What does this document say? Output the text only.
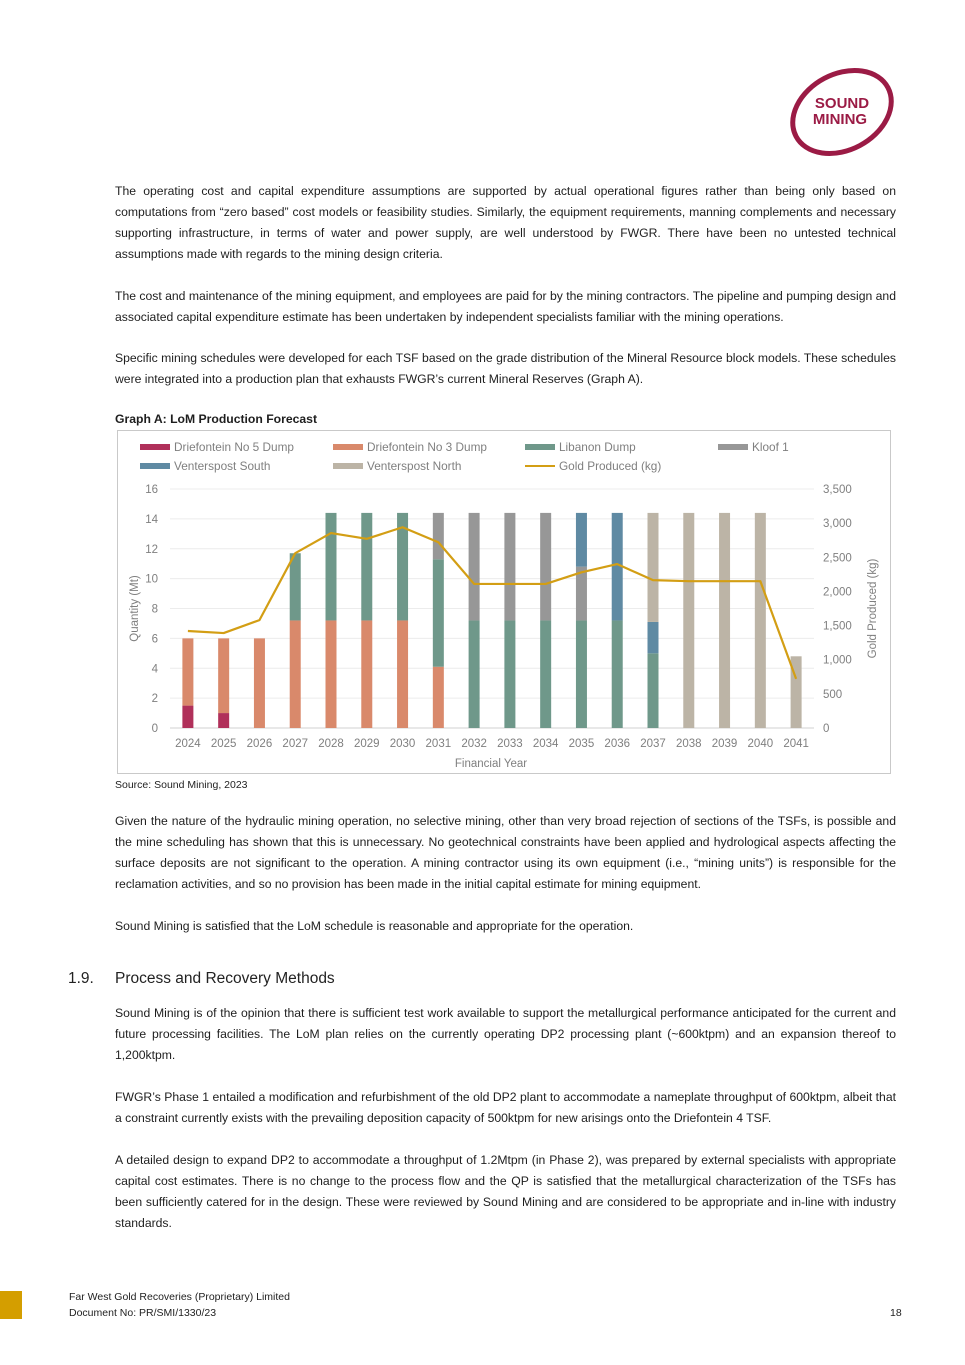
SOUND
MINING

The operating cost and capital expenditure assumptions are supported by actual operational figures rather than being only based on computations from “zero based” cost models or feasibility studies. Similarly, the equipment requirements, manning complements and necessary supporting infrastructure, in terms of water and power supply, are well understood by FWGR. There have been no untested technical assumptions made with regards to the mining design criteria.

The cost and maintenance of the mining equipment, and employees are paid for by the mining contractors. The pipeline and pumping design and associated capital expenditure estimate has been undertaken by independent specialists familiar with the mining operations.

Specific mining schedules were developed for each TSF based on the grade distribution of the Mineral Resource block models. These schedules were integrated into a production plan that exhausts FWGR’s current Mineral Reserves (Graph A).

Graph A: LoM Production Forecast
0
2
4
6
8
10
12
14
16
0
500
1,000
1,500
2,000
2,500
3,000
3,500
Quantity (Mt)	Gold Produced (kg)
Financial Year
2024 2025 2026 2027 2028 2029 2030 2031 2032 2033 2034 2035 2036 2037 2038 2039 2040 2041
Driefontein No 5 Dump	Driefontein No 3 Dump	Libanon Dump	Kloof 1
Venterspost South	Venterspost North	Gold Produced (kg)
Source: Sound Mining, 2023

Given the nature of the hydraulic mining operation, no selective mining, other than very broad rejection of sections of the TSFs, is possible and the mine scheduling has shown that this is unnecessary. No geotechnical constraints have been applied and hydrological aspects affecting the surface deposits are not significant to the operation. A mining contractor using its own equipment (i.e., “mining units”) is responsible for the reclamation activities, and so no provision has been made in the initial capital estimate for mining equipment.

Sound Mining is satisfied that the LoM schedule is reasonable and appropriate for the operation.

1.9. Process and Recovery Methods

Sound Mining is of the opinion that there is sufficient test work available to support the metallurgical performance anticipated for the current and future processing facilities. The LoM plan relies on the currently operating DP2 processing plant (~600ktpm) and an expansion thereof to 1,200ktpm.

FWGR’s Phase 1 entailed a modification and refurbishment of the old DP2 plant to accommodate a nameplate throughput of 600ktpm, albeit that a constraint currently exists with the prevailing deposition capacity of 500ktpm for new arisings onto the Driefontein 4 TSF.

A detailed design to expand DP2 to accommodate a throughput of 1.2Mtpm (in Phase 2), was prepared by external specialists with appropriate capital cost estimates. There is no change to the process flow and the QP is satisfied that the metallurgical characterization of the TSFs has been sufficiently catered for in the design. These were reviewed by Sound Mining and are considered to be appropriate and in-line with industry standards.

Far West Gold Recoveries (Proprietary) Limited
Document No: PR/SMI/1330/23	18
